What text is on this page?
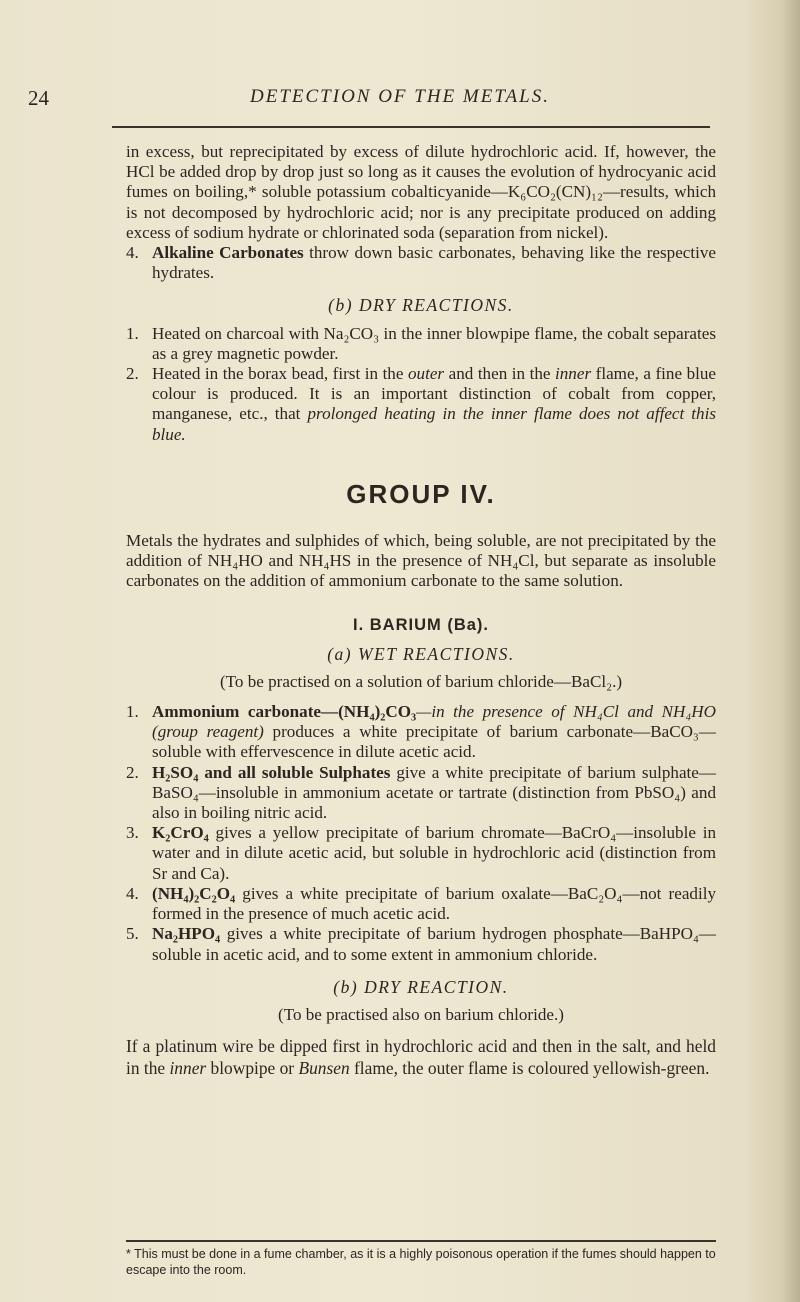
24	DETECTION OF THE METALS.

in excess, but reprecipitated by excess of dilute hydrochloric acid. If, however, the HCl be added drop by drop just so long as it causes the evolution of hydrocyanic acid fumes on boiling,* soluble potassium cobalticyanide—K₆CO₂(CN)₁₂—results, which is not decomposed by hydrochloric acid; nor is any precipitate produced on adding excess of sodium hydrate or chlorinated soda (separation from nickel).

4. Alkaline Carbonates throw down basic carbonates, behaving like the respective hydrates.
(b) DRY REACTIONS.
1. Heated on charcoal with Na₂CO₃ in the inner blowpipe flame, the cobalt separates as a grey magnetic powder.
2. Heated in the borax bead, first in the outer and then in the inner flame, a fine blue colour is produced. It is an important distinction of cobalt from copper, manganese, etc., that prolonged heating in the inner flame does not affect this blue.
GROUP IV.

Metals the hydrates and sulphides of which, being soluble, are not precipitated by the addition of NH₄HO and NH₄HS in the presence of NH₄Cl, but separate as insoluble carbonates on the addition of ammonium carbonate to the same solution.

I. BARIUM (Ba).
(a) WET REACTIONS.
(To be practised on a solution of barium chloride—BaCl₂.)
1. Ammonium carbonate—(NH₄)₂CO₃—in the presence of NH₄Cl and NH₄HO (group reagent) produces a white precipitate of barium carbonate—BaCO₃—soluble with effervescence in dilute acetic acid.
2. H₂SO₄ and all soluble Sulphates give a white precipitate of barium sulphate—BaSO₄—insoluble in ammonium acetate or tartrate (distinction from PbSO₄) and also in boiling nitric acid.
3. K₂CrO₄ gives a yellow precipitate of barium chromate—BaCrO₄—insoluble in water and in dilute acetic acid, but soluble in hydrochloric acid (distinction from Sr and Ca).
4. (NH₄)₂C₂O₄ gives a white precipitate of barium oxalate—BaC₂O₄—not readily formed in the presence of much acetic acid.
5. Na₂HPO₄ gives a white precipitate of barium hydrogen phosphate—BaHPO₄—soluble in acetic acid, and to some extent in ammonium chloride.
(b) DRY REACTION.
(To be practised also on barium chloride.)

If a platinum wire be dipped first in hydrochloric acid and then in the salt, and held in the inner blowpipe or Bunsen flame, the outer flame is coloured yellowish-green.

* This must be done in a fume chamber, as it is a highly poisonous operation if the fumes should happen to escape into the room.
